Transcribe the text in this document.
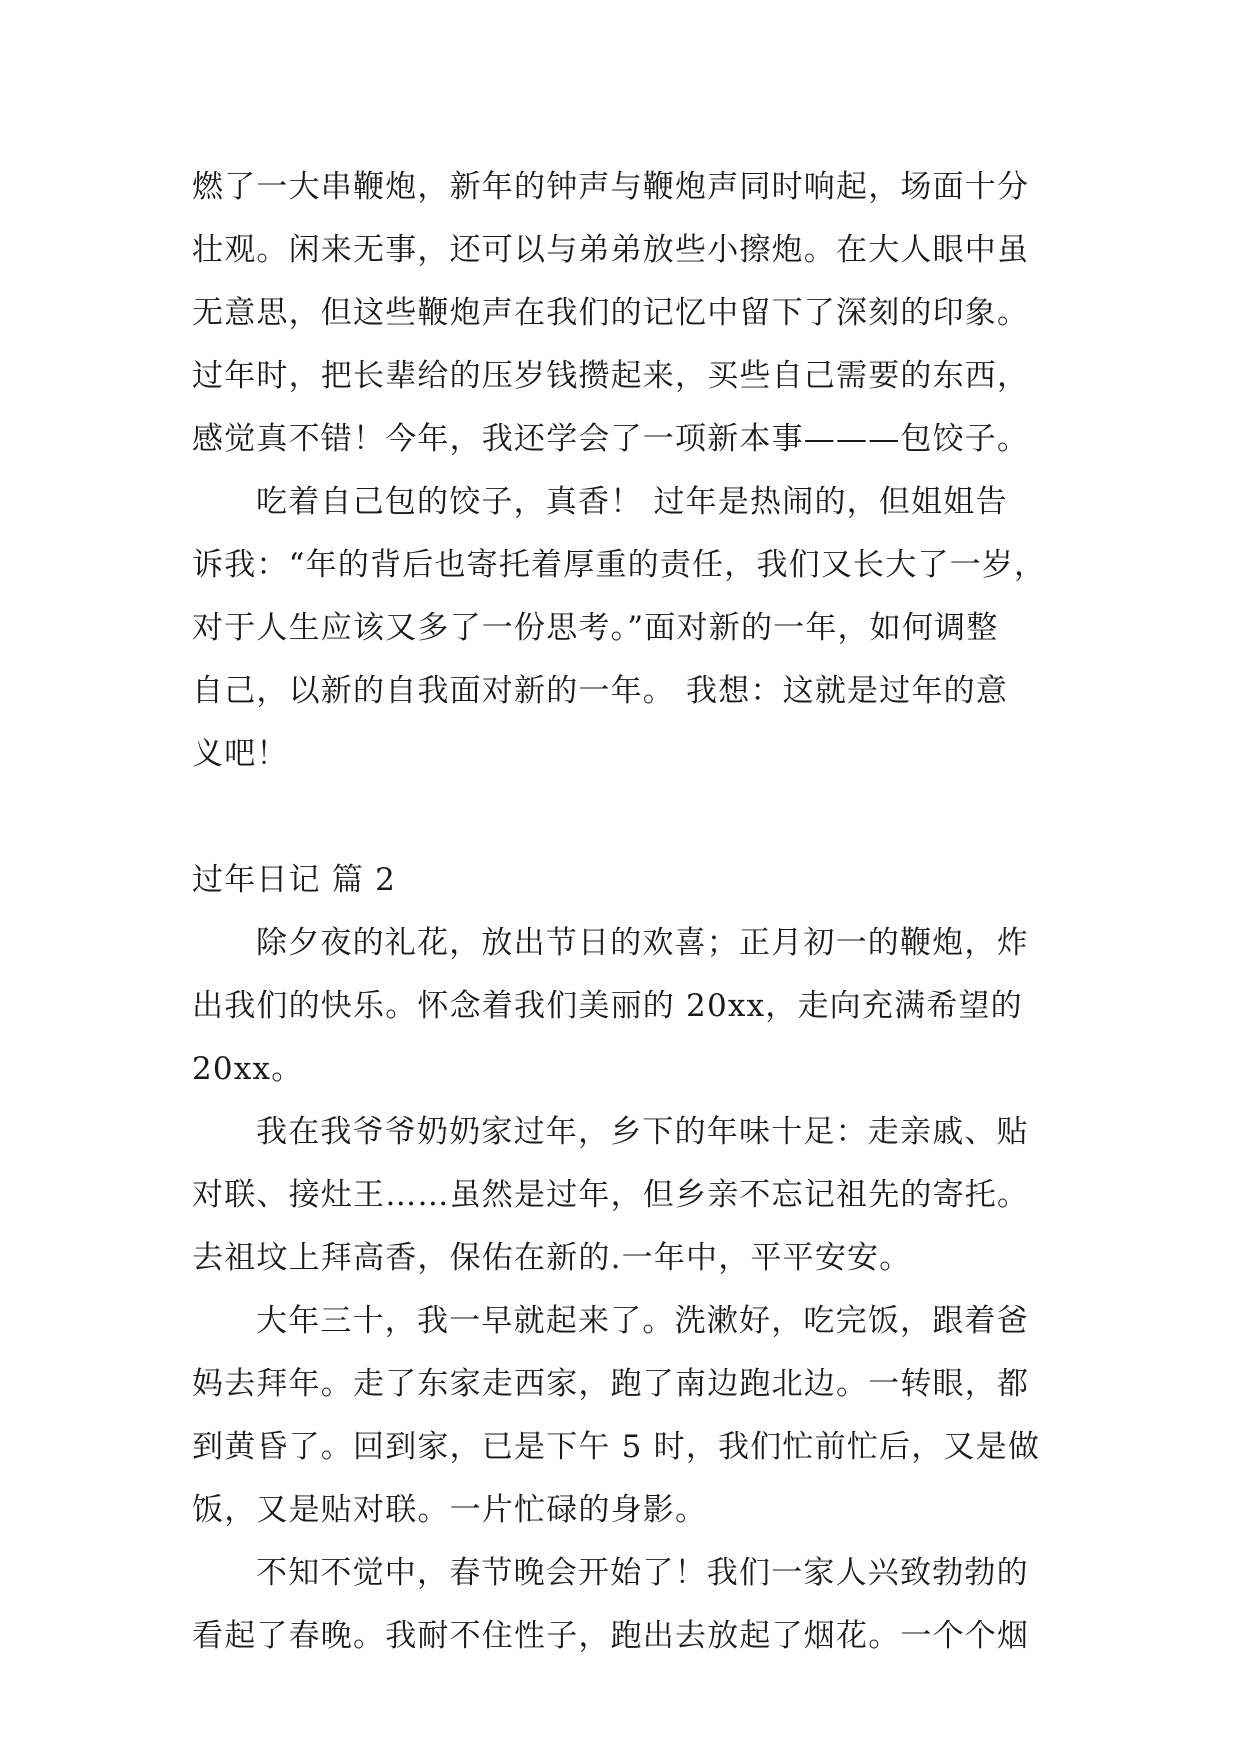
燃了一大串鞭炮，新年的钟声与鞭炮声同时响起，场面十分
壮观。闲来无事，还可以与弟弟放些小擦炮。在大人眼中虽
无意思，但这些鞭炮声在我们的记忆中留下了深刻的印象。
过年时，把长辈给的压岁钱攒起来，买些自己需要的东西，
感觉真不错！今年，我还学会了一项新本事———包饺子。
吃着自己包的饺子，真香！ 过年是热闹的，但姐姐告
诉我：“年的背后也寄托着厚重的责任，我们又长大了一岁，
对于人生应该又多了一份思考。”面对新的一年，如何调整
自己，以新的自我面对新的一年。 我想：这就是过年的意
义吧！
过年日记 篇 2
除夕夜的礼花，放出节日的欢喜；正月初一的鞭炮，炸
出我们的快乐。怀念着我们美丽的 20xx，走向充满希望的
20xx。
我在我爷爷奶奶家过年，乡下的年味十足：走亲戚、贴
对联、接灶王……虽然是过年，但乡亲不忘记祖先的寄托。
去祖坟上拜高香，保佑在新的.一年中，平平安安。
大年三十，我一早就起来了。洗漱好，吃完饭，跟着爸
妈去拜年。走了东家走西家，跑了南边跑北边。一转眼，都
到黄昏了。回到家，已是下午 5 时，我们忙前忙后，又是做
饭，又是贴对联。一片忙碌的身影。
不知不觉中，春节晚会开始了！我们一家人兴致勃勃的
看起了春晚。我耐不住性子，跑出去放起了烟花。一个个烟
